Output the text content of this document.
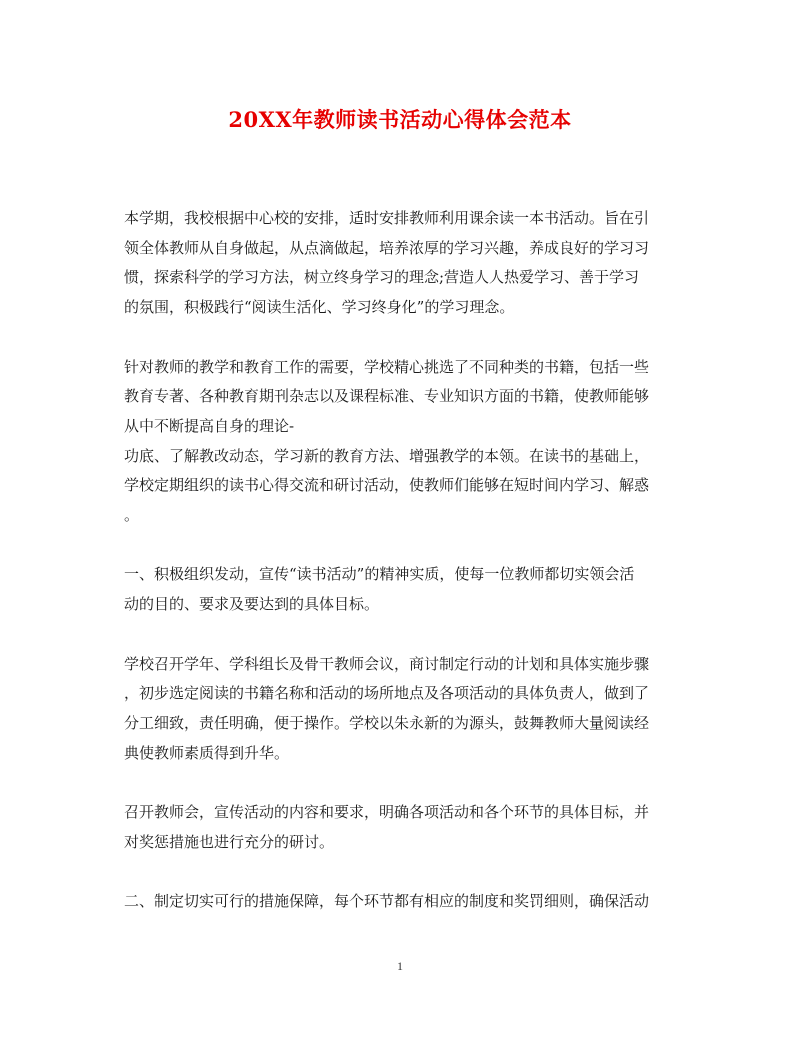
20XX年教师读书活动心得体会范本

本学期，我校根据中心校的安排，适时安排教师利用课余读一本书活动。旨在引
领全体教师从自身做起，从点滴做起，培养浓厚的学习兴趣，养成良好的学习习
惯，探索科学的学习方法，树立终身学习的理念;营造人人热爱学习、善于学习
的氛围，积极践行“阅读生活化、学习终身化”的学习理念。

针对教师的教学和教育工作的需要，学校精心挑选了不同种类的书籍，包括一些
教育专著、各种教育期刊杂志以及课程标准、专业知识方面的书籍，使教师能够
从中不断提高自身的理论-
功底、了解教改动态，学习新的教育方法、增强教学的本领。在读书的基础上，
学校定期组织的读书心得交流和研讨活动，使教师们能够在短时间内学习、解惑
。

一、积极组织发动，宣传“读书活动”的精神实质，使每一位教师都切实领会活
动的目的、要求及要达到的具体目标。

学校召开学年、学科组长及骨干教师会议，商讨制定行动的计划和具体实施步骤
，初步选定阅读的书籍名称和活动的场所地点及各项活动的具体负责人，做到了
分工细致，责任明确，便于操作。学校以朱永新的为源头，鼓舞教师大量阅读经
典使教师素质得到升华。

召开教师会，宣传活动的内容和要求，明确各项活动和各个环节的具体目标，并
对奖惩措施也进行充分的研讨。

二、制定切实可行的措施保障，每个环节都有相应的制度和奖罚细则，确保活动

1
